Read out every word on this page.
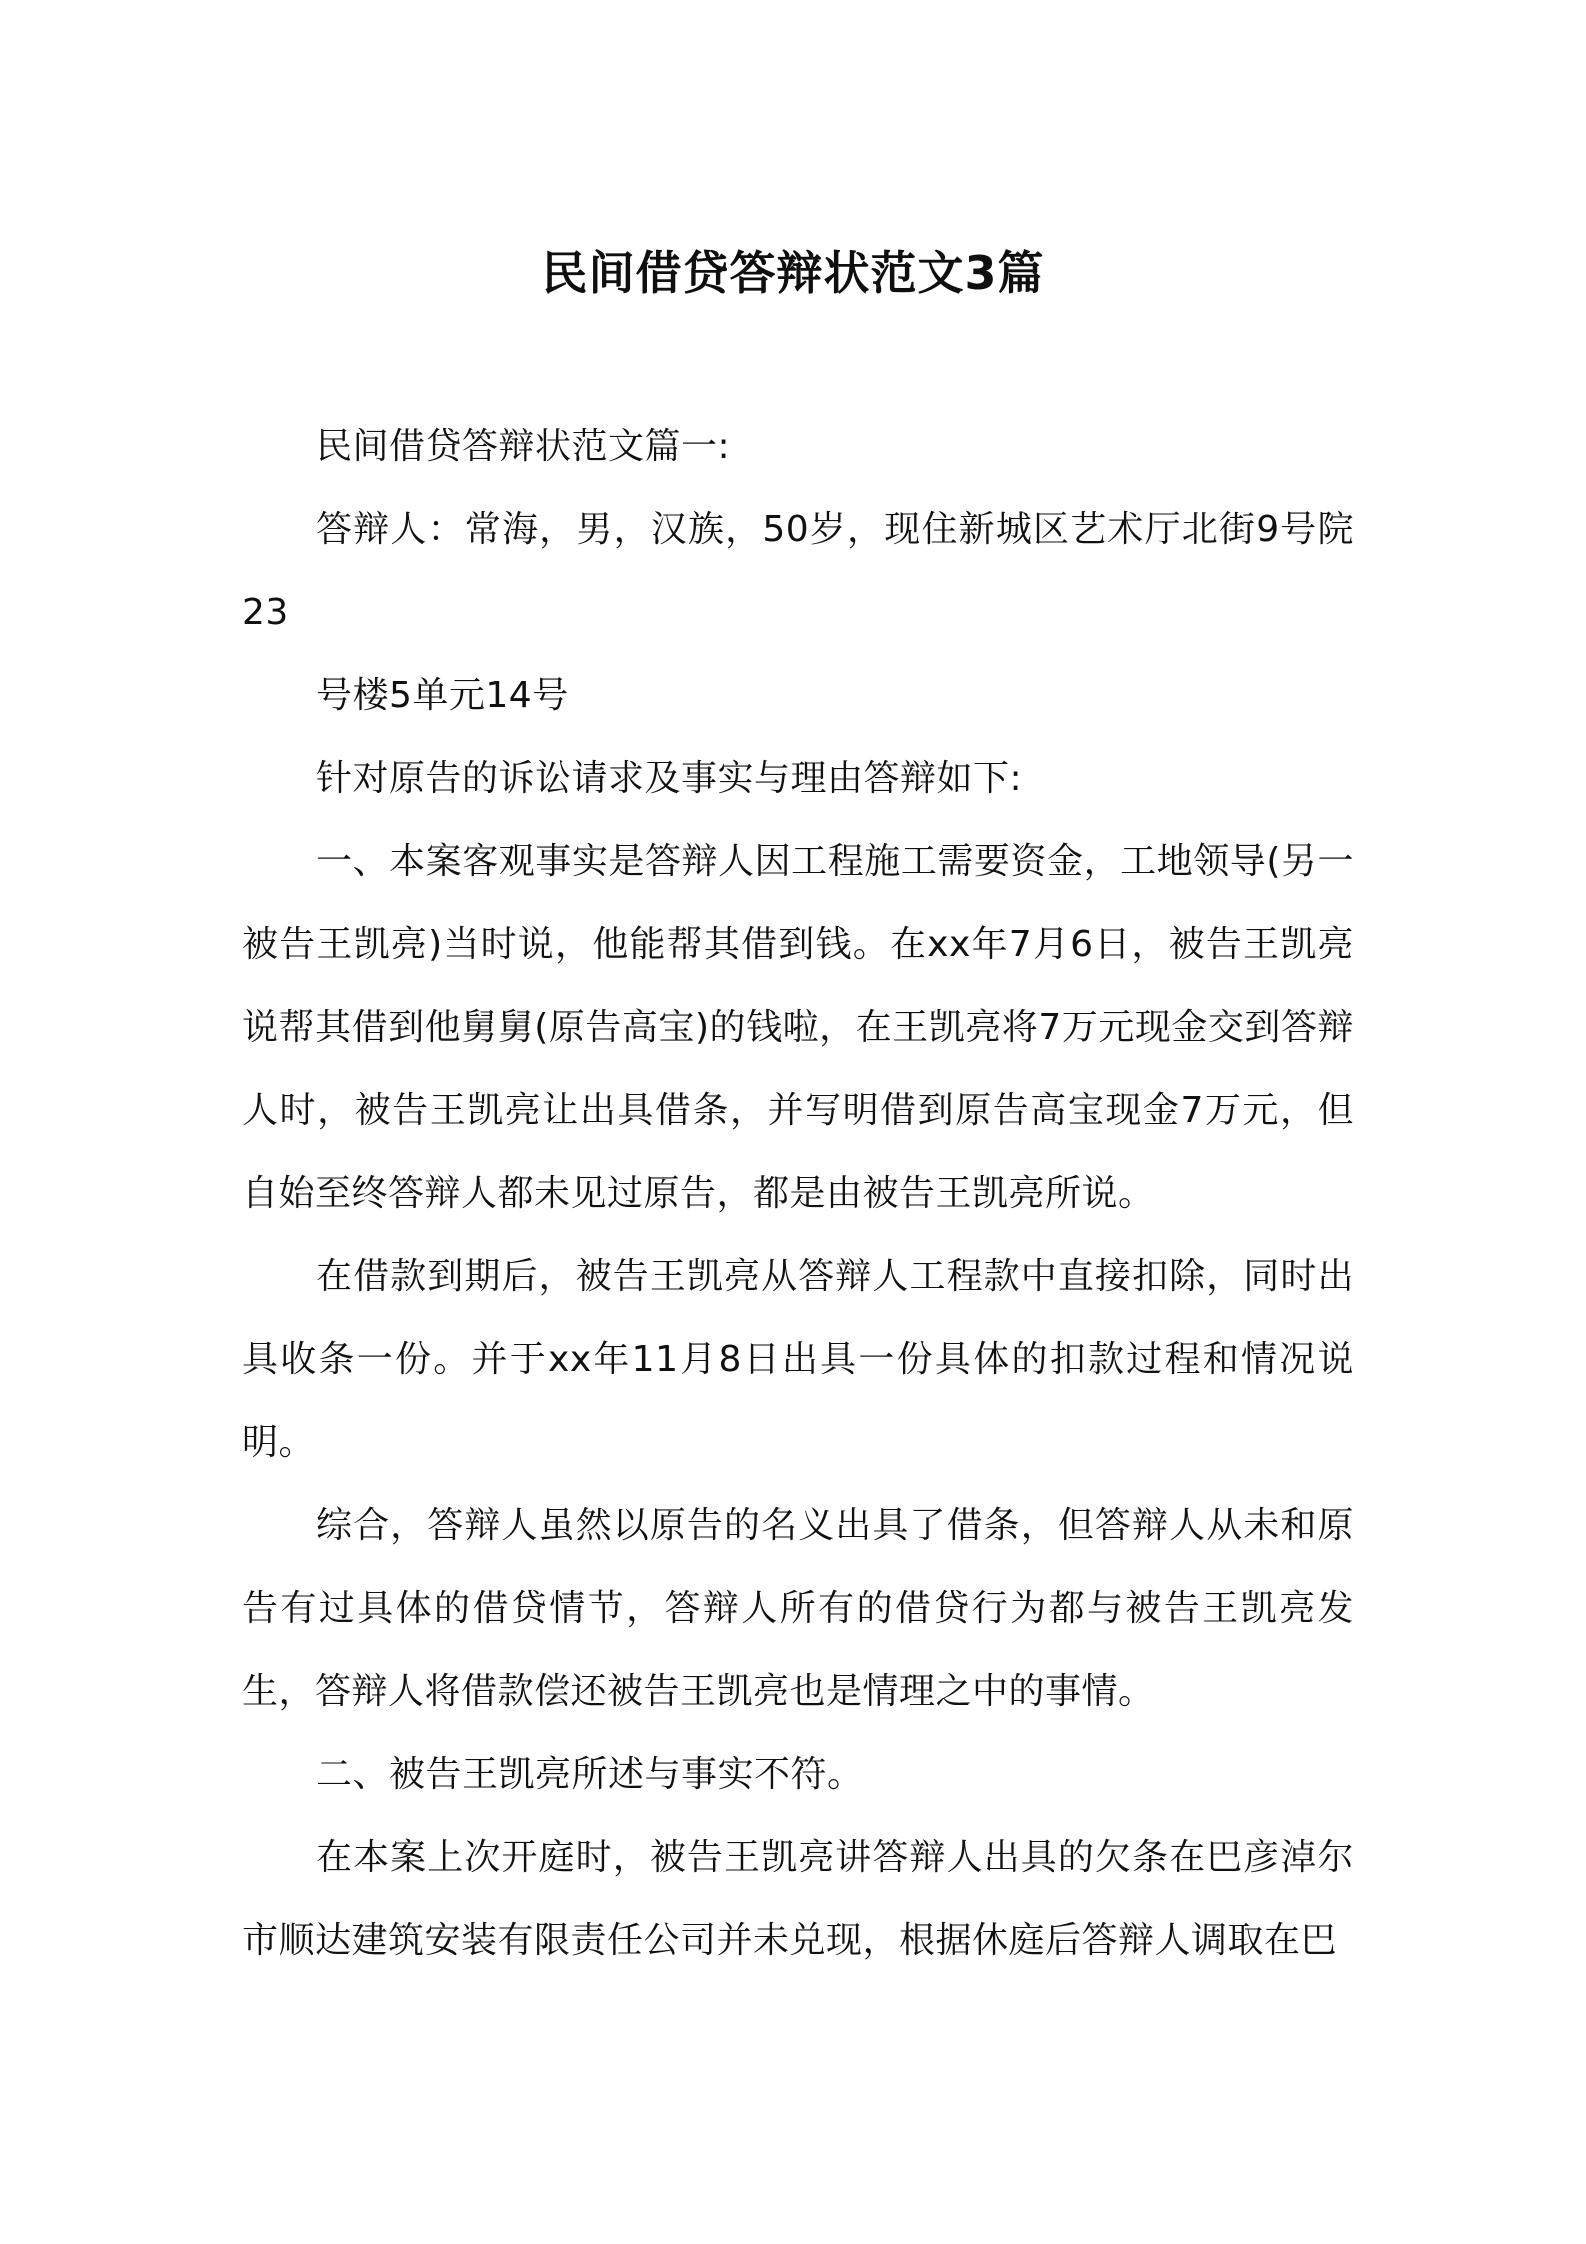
民间借贷答辩状范文3篇

民间借贷答辩状范文篇一:

答辩人：常海，男，汉族，50岁，现住新城区艺术厅北街9号院23

号楼5单元14号

针对原告的诉讼请求及事实与理由答辩如下:

一、本案客观事实是答辩人因工程施工需要资金，工地领导(另一被告王凯亮)当时说，他能帮其借到钱。在xx年7月6日，被告王凯亮说帮其借到他舅舅(原告高宝)的钱啦，在王凯亮将7万元现金交到答辩人时，被告王凯亮让出具借条，并写明借到原告高宝现金7万元，但自始至终答辩人都未见过原告，都是由被告王凯亮所说。

在借款到期后，被告王凯亮从答辩人工程款中直接扣除，同时出具收条一份。并于xx年11月8日出具一份具体的扣款过程和情况说明。

综合，答辩人虽然以原告的名义出具了借条，但答辩人从未和原告有过具体的借贷情节，答辩人所有的借贷行为都与被告王凯亮发生，答辩人将借款偿还被告王凯亮也是情理之中的事情。

二、被告王凯亮所述与事实不符。

在本案上次开庭时，被告王凯亮讲答辩人出具的欠条在巴彦淖尔市顺达建筑安装有限责任公司并未兑现，根据休庭后答辩人调取在巴
